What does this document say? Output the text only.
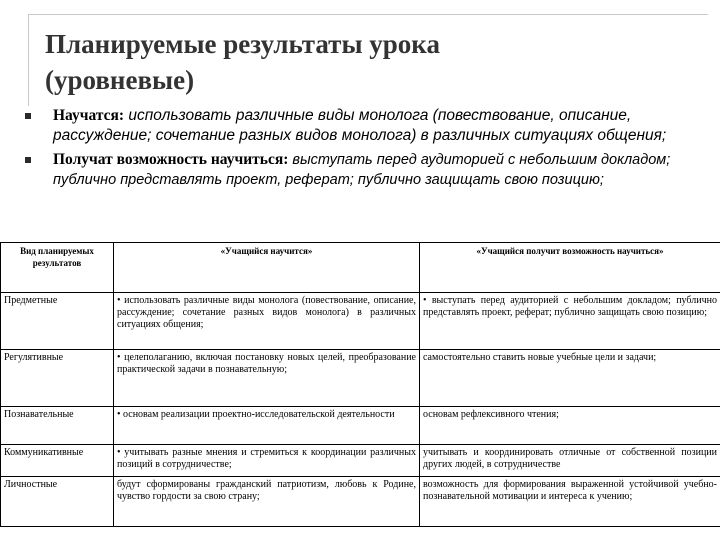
Планируемые результаты урока
(уровневые)
Научатся: использовать различные виды монолога (повествование, описание, рассуждение; сочетание разных видов монолога) в различных ситуациях общения;
Получат возможность научиться: выступать перед аудиторией с небольшим докладом; публично представлять проект, реферат; публично защищать свою позицию;
Вид планируемых результатов	«Учащийся научится»	«Учащийся получит возможность научиться»
Предметные	• использовать различные виды монолога (повествование, описание, рассуждение; сочетание разных видов монолога) в различных ситуациях общения;	• выступать перед аудиторией с небольшим докладом; публично представлять проект, реферат; публично защищать свою позицию;
Регулятивные	• целеполаганию, включая постановку новых целей, преобразование практической задачи в познавательную;	самостоятельно ставить новые учебные цели и задачи;
Познавательные	• основам реализации проектно-исследовательской деятельности	основам рефлексивного чтения;
Коммуникативные	• учитывать разные мнения и стремиться к координации различных позиций в сотрудничестве;	учитывать и координировать отличные от собственной позиции других людей, в сотрудничестве
Личностные	будут сформированы гражданский патриотизм, любовь к Родине, чувство гордости за свою страну;	возможность для формирования выраженной устойчивой учебно-познавательной мотивации и интереса к учению;
